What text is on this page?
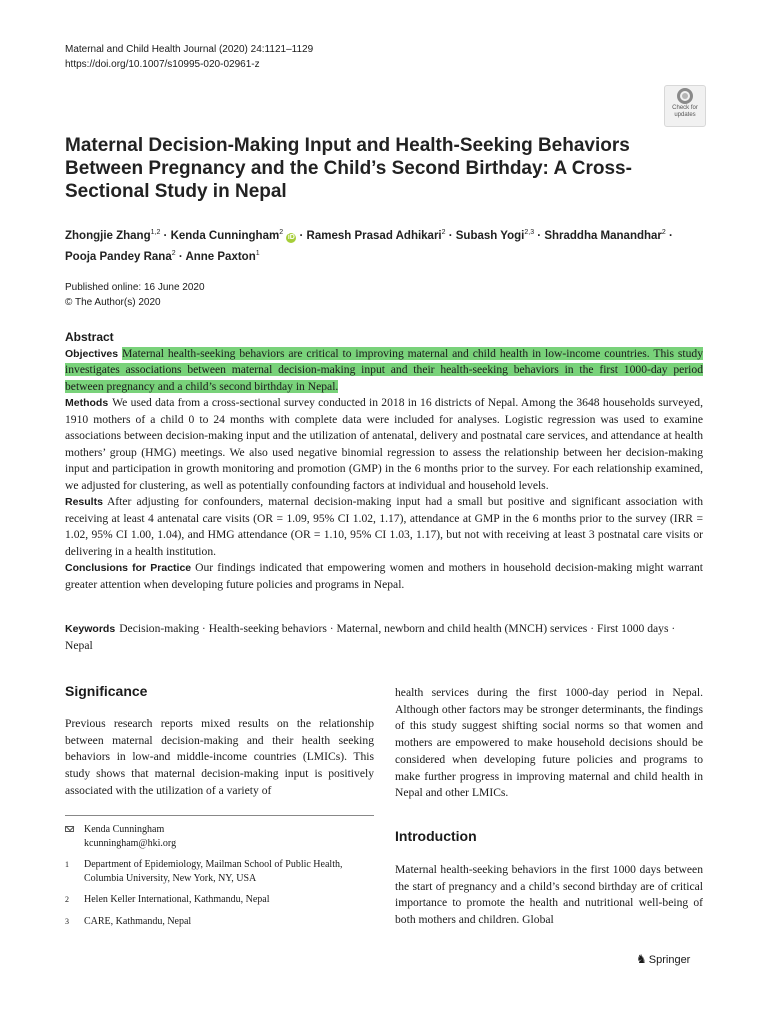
Maternal and Child Health Journal (2020) 24:1121–1129
https://doi.org/10.1007/s10995-020-02961-z
Check for updates
Maternal Decision-Making Input and Health-Seeking Behaviors Between Pregnancy and the Child’s Second Birthday: A Cross-Sectional Study in Nepal
Zhongjie Zhang$^{1,2}$ · Kenda Cunningham$^2$ iD · Ramesh Prasad Adhikari$^2$ · Subash Yogi$^{2,3}$ · Shraddha Manandhar$^2$ ·
Pooja Pandey Rana$^2$ · Anne Paxton$^1$
Published online: 16 June 2020
© The Author(s) 2020
Abstract

Objectives Maternal health-seeking behaviors are critical to improving maternal and child health in low-income countries. This study investigates associations between maternal decision-making input and their health-seeking behaviors in the first 1000-day period between pregnancy and a child’s second birthday in Nepal.

Methods We used data from a cross-sectional survey conducted in 2018 in 16 districts of Nepal. Among the 3648 households surveyed, 1910 mothers of a child 0 to 24 months with complete data were included for analyses. Logistic regression was used to examine associations between decision-making input and the utilization of antenatal, delivery and postnatal care services, and attendance at health mothers’ group (HMG) meetings. We also used negative binomial regression to assess the relationship between her decision-making input and participation in growth monitoring and promotion (GMP) in the 6 months prior to the survey. For each relationship examined, we adjusted for clustering, as well as potentially confounding factors at individual and household levels.

Results After adjusting for confounders, maternal decision-making input had a small but positive and significant association with receiving at least 4 antenatal care visits (OR = 1.09, 95% CI 1.02, 1.17), attendance at GMP in the 6 months prior to the survey (IRR = 1.02, 95% CI 1.00, 1.04), and HMG attendance (OR = 1.10, 95% CI 1.03, 1.17), but not with receiving at least 3 postnatal care visits or delivering in a health institution.

Conclusions for Practice Our findings indicated that empowering women and mothers in household decision-making might warrant greater attention when developing future policies and programs in Nepal.

Keywords Decision-making · Health-seeking behaviors · Maternal, newborn and child health (MNCH) services · First 1000 days · Nepal
Significance
Previous research reports mixed results on the relationship between maternal decision-making and their health seeking behaviors in low-and middle-income countries (LMICs). This study shows that maternal decision-making input is positively associated with the utilization of a variety of
health services during the first 1000-day period in Nepal. Although other factors may be stronger determinants, the findings of this study suggest shifting social norms so that women and mothers are empowered to make household decisions should be considered when developing future policies and programs to make further progress in improving maternal and child health in Nepal and other LMICs.
Kenda Cunningham
kcunningham@hki.org
1 Department of Epidemiology, Mailman School of Public Health, Columbia University, New York, NY, USA
2 Helen Keller International, Kathmandu, Nepal
3 CARE, Kathmandu, Nepal
Introduction
Maternal health-seeking behaviors in the first 1000 days between the start of pregnancy and a child’s second birthday are of critical importance to promote the health and nutritional well-being of both mothers and children. Global
♞ Springer
